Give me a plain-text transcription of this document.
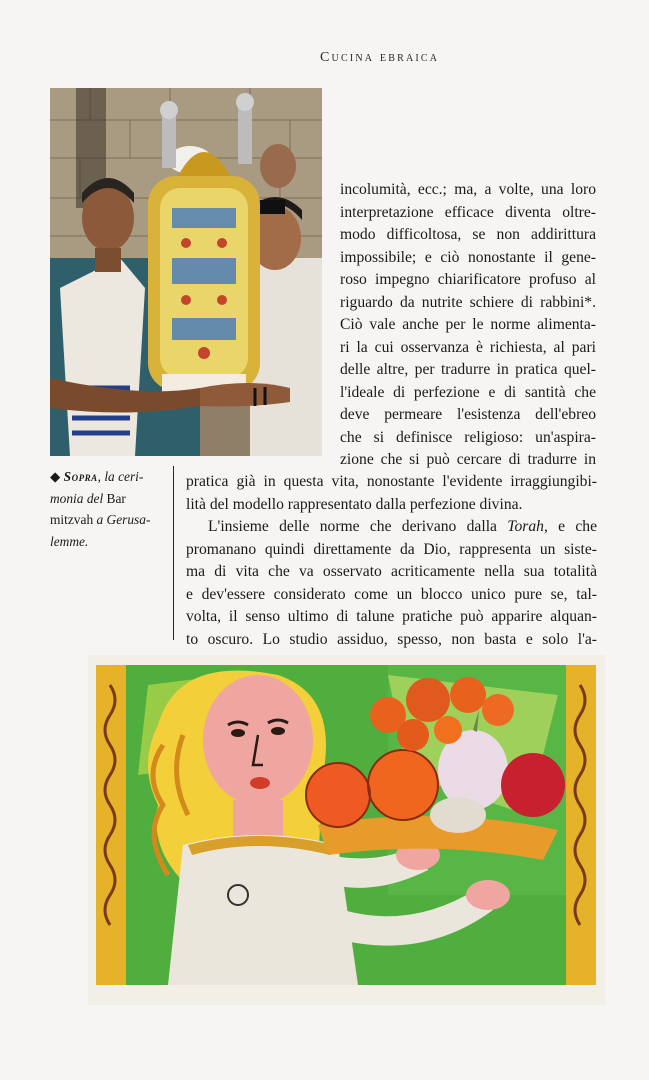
Cucina ebraica
◆ Sopra, la ceri- monia del Bar mitzvah a Gerusa- lemme.
incolumità, ecc.; ma, a volte, una loro
interpretazione efficace diventa oltre-
modo difficoltosa, se non addirittura
impossibile; e ciò nonostante il gene-
roso impegno chiarificatore profuso al
riguardo da nutrite schiere di rabbini*.
Ciò vale anche per le norme alimenta-
ri la cui osservanza è richiesta, al pari
delle altre, per tradurre in pratica quel-
l'ideale di perfezione e di santità che
deve permeare l'esistenza dell'ebreo
che si definisce religioso: un'aspira-
zione che si può cercare di tradurre in
pratica già in questa vita, nonostante l'evidente irraggiungibi-
lità del modello rappresentato dalla perfezione divina.
L'insieme delle norme che derivano dalla Torah, e che
promanano quindi direttamente da Dio, rappresenta un siste-
ma di vita che va osservato acriticamente nella sua totalità
e dev'essere considerato come un blocco unico pure se, tal-
volta, il senso ultimo di talune pratiche può apparire alquan-
to oscuro. Lo studio assiduo, spesso, non basta e solo l'a-
